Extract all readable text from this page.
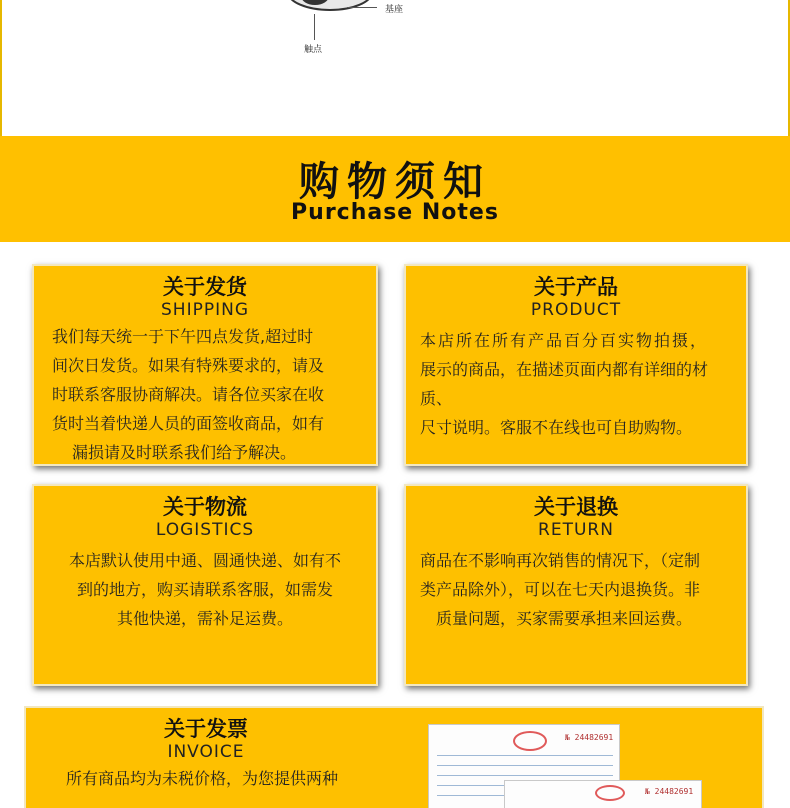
基座
触点
购物须知
Purchase Notes
关于发货
SHIPPING
我们每天统一于下午四点发货,超过时
间次日发货。如果有特殊要求的，请及
时联系客服协商解决。请各位买家在收
货时当着快递人员的面签收商品，如有
漏损请及时联系我们给予解决。
关于产品
PRODUCT
本店所在所有产品百分百实物拍摄，
展示的商品，在描述页面内都有详细的材质、
尺寸说明。客服不在线也可自助购物。
关于物流
LOGISTICS
本店默认使用中通、圆通快递、如有不
到的地方，购买请联系客服，如需发
其他快递，需补足运费。
关于退换
RETURN
商品在不影响再次销售的情况下，（定制
类产品除外），可以在七天内退换货。非
质量问题，买家需要承担来回运费。
关于发票
INVOICE
所有商品均为未税价格，为您提供两种
№ 24482691
№ 24482691
